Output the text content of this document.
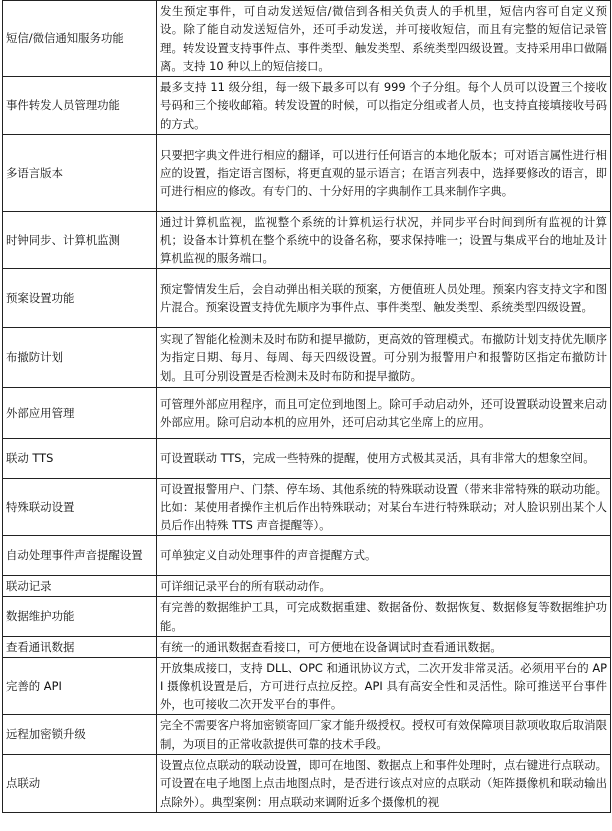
短信/微信通知服务功能	发生预定事件，可自动发送短信/微信到各相关负责人的手机里，短信内容可自定义预设。除了能自动发送短信外，还可手动发送，并可接收短信，而且有完整的短信记录管理。转发设置支持事件点、事件类型、触发类型、系统类型四级设置。支持采用串口做隔离。支持 10 种以上的短信接口。
事件转发人员管理功能	最多支持 11 级分组，每一级下最多可以有 999 个子分组。每个人员可以设置三个接收号码和三个接收邮箱。转发设置的时候，可以指定分组或者人员，也支持直接填接收号码的方式。
多语言版本	只要把字典文件进行相应的翻译，可以进行任何语言的本地化版本；可对语言属性进行相应的设置，指定语言图标，将更直观的显示语言；在语言列表中，选择要修改的语言，即可进行相应的修改。有专门的、十分好用的字典制作工具来制作字典。
时钟同步、计算机监测	通过计算机监视，监视整个系统的计算机运行状况，并同步平台时间到所有监视的计算机；设备本计算机在整个系统中的设备名称，要求保持唯一；设置与集成平台的地址及计算机监视的服务端口。
预案设置功能	预定警情发生后，会自动弹出相关联的预案，方便值班人员处理。预案内容支持文字和图片混合。预案设置支持优先顺序为事件点、事件类型、触发类型、系统类型四级设置。
布撤防计划	实现了智能化检测未及时布防和提早撤防，更高效的管理模式。布撤防计划支持优先顺序为指定日期、每月、每周、每天四级设置。可分别为报警用户和报警防区指定布撤防计划。且可分别设置是否检测未及时布防和提早撤防。
外部应用管理	可管理外部应用程序，而且可定位到地图上。除可手动启动外，还可设置联动设置来启动外部应用。除可启动本机的应用外，还可启动其它坐席上的应用。
联动 TTS	可设置联动 TTS，完成一些特殊的提醒，使用方式极其灵活，具有非常大的想象空间。
特殊联动设置	可设置报警用户、门禁、停车场、其他系统的特殊联动设置（带来非常特殊的联动功能。比如：某使用者操作主机后作出特殊联动；对某台车进行特殊联动；对人脸识别出某个人员后作出特殊 TTS 声音提醒等）。
自动处理事件声音提醒设置	可单独定义自动处理事件的声音提醒方式。
联动记录	可详细记录平台的所有联动动作。
数据维护功能	有完善的数据维护工具，可完成数据重建、数据备份、数据恢复、数据修复等数据维护功能。
查看通讯数据	有统一的通讯数据查看接口，可方便地在设备调试时查看通讯数据。
完善的 API	开放集成接口，支持 DLL、OPC 和通讯协议方式，二次开发非常灵活。必须用平台的 API 摄像机设置是后，方可进行点拉反控。API 具有高安全性和灵活性。除可推送平台事件外，也可接收二次开发平台的事件。
远程加密锁升级	完全不需要客户将加密锁寄回厂家才能升级授权。授权可有效保障项目款项收取后取消限制，为项目的正常收款提供可靠的技术手段。
点联动	设置点位点联动的联动设置，即可在地图、数据点上和事件处理时，点右键进行点联动。可设置在电子地图上点击地图点时，是否进行该点对应的点联动（矩阵摄像机和联动输出点除外）。典型案例：用点联动来调附近多个摄像机的视
